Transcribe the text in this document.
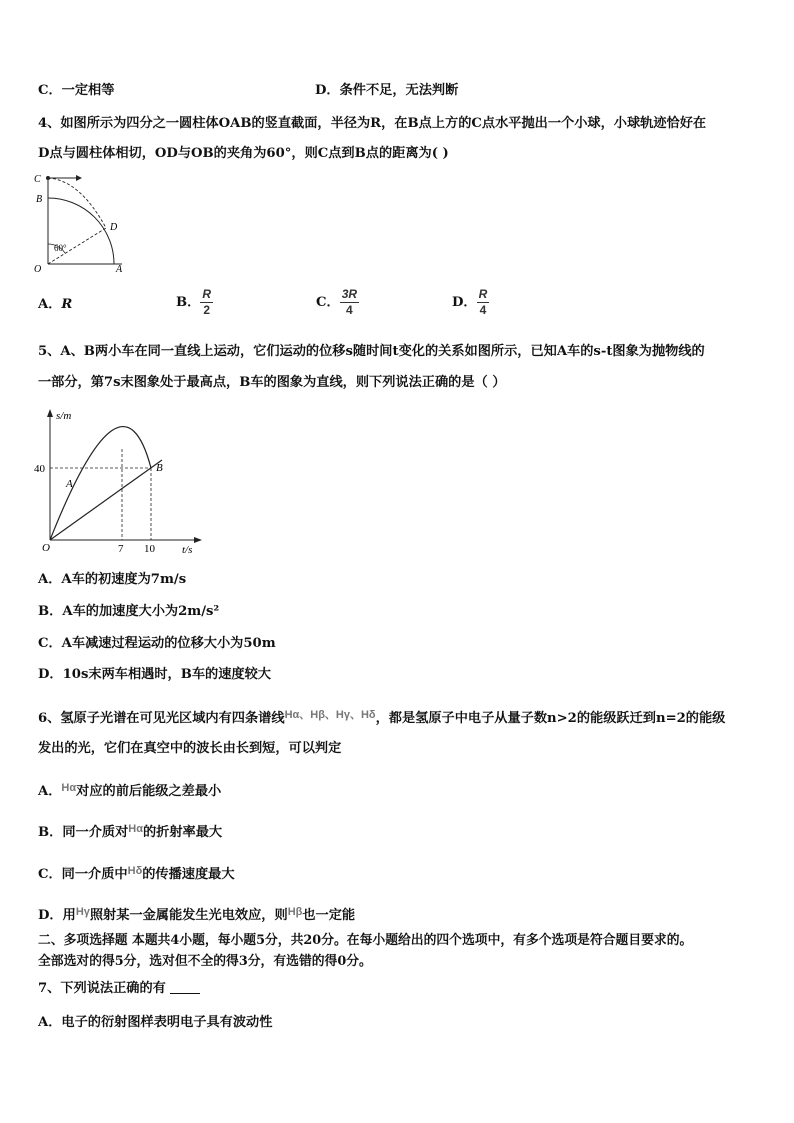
C．一定相等	D．条件不足，无法判断
4、如图所示为四分之一圆柱体OAB的竖直截面，半径为R，在B点上方的C点水平抛出一个小球，小球轨迹恰好在
D点与圆柱体相切，OD与OB的夹角为60°，则C点到B点的距离为( )
C
B
D
O	A
60°
A．R	B． $\frac{R}{2}$	C． $\frac{3R}{4}$	D． $\frac{R}{4}$
5、A、B两小车在同一直线上运动，它们运动的位移s随时间t变化的关系如图所示，已知A车的s-t图象为抛物线的
一部分，第7s末图象处于最高点，B车的图象为直线，则下列说法正确的是（ ）
s/m
t/s
O
40
7 10
A
B
A．A车的初速度为7m/s
B．A车的加速度大小为2m/s²
C．A车减速过程运动的位移大小为50m
D．10s末两车相遇时，B车的速度较大
6、氢原子光谱在可见光区域内有四条谱线$^{H\alpha、H\beta、H\gamma、H\delta}$，都是氢原子中电子从量子数n>2的能级跃迁到n=2的能级
发出的光，它们在真空中的波长由长到短，可以判定
A．$^{H\alpha}$对应的前后能级之差最小
B．同一介质对$^{H\alpha}$的折射率最大
C．同一介质中$^{H\delta}$的传播速度最大
D．用$^{H\gamma}$照射某一金属能发生光电效应，则$^{H\beta}$也一定能
二、多项选择题 本题共4小题，每小题5分，共20分。在每小题给出的四个选项中，有多个选项是符合题目要求的。
全部选对的得5分，选对但不全的得3分，有选错的得0分。
7、下列说法正确的有
A．电子的衍射图样表明电子具有波动性
